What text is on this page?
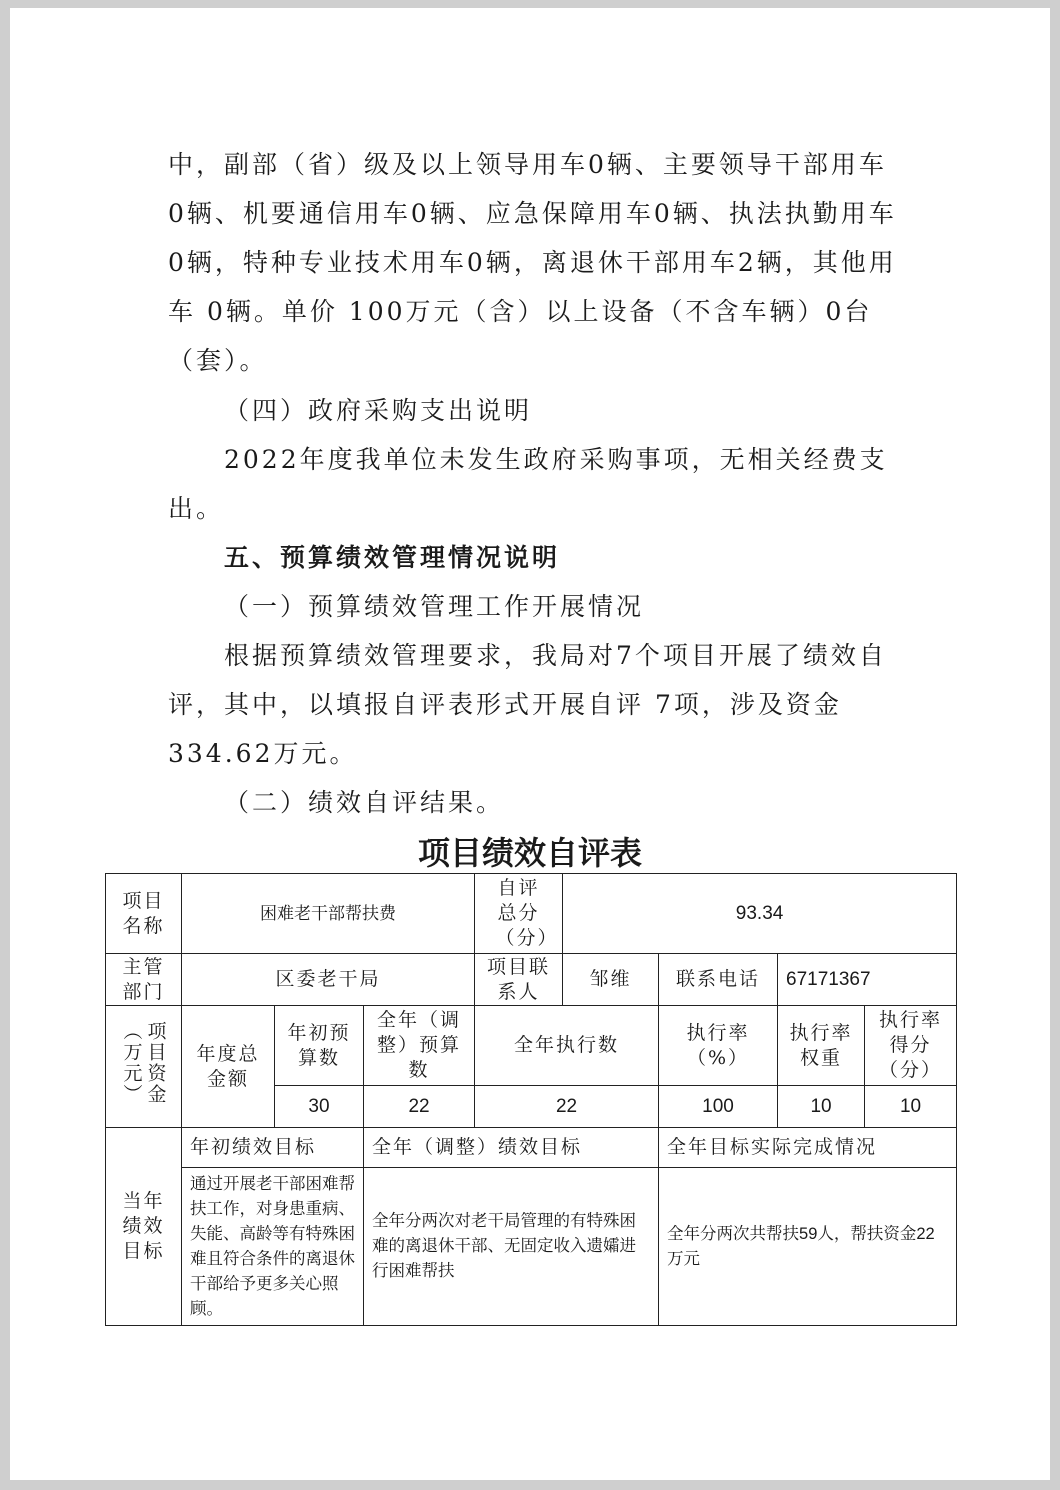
中，副部（省）级及以上领导用车0辆、主要领导干部用车0辆、机要通信用车0辆、应急保障用车0辆、执法执勤用车0辆，特种专业技术用车0辆，离退休干部用车2辆，其他用车 0辆。单价 100万元（含）以上设备（不含车辆）0台（套）。

（四）政府采购支出说明

2022年度我单位未发生政府采购事项，无相关经费支出。

五、预算绩效管理情况说明

（一）预算绩效管理工作开展情况

根据预算绩效管理要求，我局对7个项目开展了绩效自评，其中，以填报自评表形式开展自评 7项，涉及资金334.62万元。

（二）绩效自评结果。

项目绩效自评表

项目名称	困难老干部帮扶费			自评总分（分）	93.34			

主管部门	区委老干局			项目联系人	邹维	联系电话	67171367	
项目资金（万元）	年度总金额	年初预算数	全年（调整）预算数	全年执行数		执行率（%）	执行率权重	执行率得分（分）

		30	22	22		100	10	10

当年绩效目标	年初绩效目标		全年（调整）绩效目标			全年目标实际完成情况		
	通过开展老干部困难帮扶工作，对身患重病、失能、高龄等有特殊困难且符合条件的离退休干部给予更多关心照顾。		全年分两次对老干局管理的有特殊困难的离退休干部、无固定收入遗孀进行困难帮扶			全年分两次共帮扶59人，帮扶资金22万元		
